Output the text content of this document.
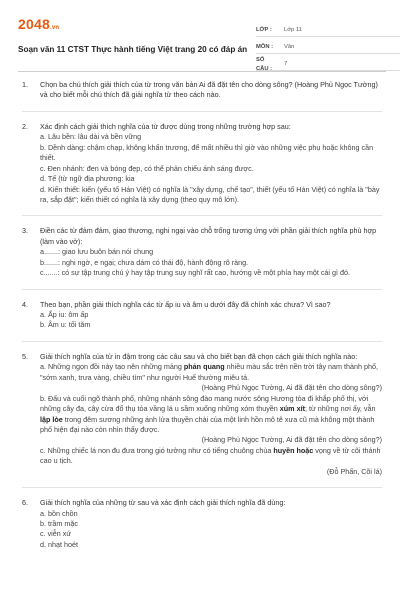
2048.vn
Soạn văn 11 CTST Thực hành tiếng Việt trang 20 có đáp án
LỚP :	Lớp 11
MÔN :	Văn
SỐ CÂU :
7
1.	Chọn ba chú thích giải thích của từ trong văn bản Ai đã đặt tên cho dòng sông? (Hoàng Phủ Ngọc Tường) và cho biết mỗi chú thích đã giải nghĩa từ theo cách nào.
2.	Xác định cách giải thích nghĩa của từ được dùng trong những trường hợp sau:
a. Lâu bền: lâu dài và bền vững
b. Dềnh dàng: chậm chạp, không khẩn trương, để mất nhiều thì giờ vào những việc phụ hoặc không cần thiết.
c. Đen nhánh: đen và bóng đẹp, có thể phản chiếu ánh sáng được.
d. Tế (từ ngữ địa phương: kia
d. Kiến thiết: kiến (yếu tố Hán Việt) có nghĩa là "xây dựng, chế tạo", thiết (yếu tố Hán Việt) có nghĩa là "bày ra, sắp đặt"; kiến thiết có nghĩa là xây dựng (theo quy mô lớn).
3.	Điền các từ đảm đảm, giao thương, nghi ngại vào chỗ trống tương ứng với phần giải thích nghĩa phù hợp (làm vào vở):
a.......: giao lưu buôn bán nói chung
b.......: nghi ngờ, e ngại; chưa dám có thái độ, hành động rõ ràng.
c.......: có sự tập trung chú ý hay tập trung suy nghĩ rất cao, hướng về một phía hay một cái gì đó.
4.	Theo bạn, phần giải thích nghĩa các từ ấp iu và âm u dưới đây đã chính xác chưa? Vì sao?
a. Ấp iu: ôm ấp
b. Âm u: tối tăm
5.	Giải thích nghĩa của từ in đậm trong các câu sau và cho biết bạn đã chọn cách giải thích nghĩa nào:
a. Những ngọn đồi này tạo nên những mảng phản quang nhiều màu sắc trên nền trời tây nam thành phố, "sớm xanh, trưa vàng, chiều tím" như người Huế thường miêu tả.
(Hoàng Phủ Ngọc Tường, Ai đã đặt tên cho dòng sông?)
b. Đấu và cuối ngõ thành phố, những nhánh sông đào mang nước sông Hương tỏa đi khắp phố thị, với những cây đa, cây cừa đổ thụ tỏa vầng lá u sầm xuống những xóm thuyền xúm xít; từ những nơi ấy, vẫn lập lòe trong đêm sương những ánh lửa thuyền chài của một linh hồn mô tê xưa cũ mà không một thành phố hiện đại nào còn nhìn thấy được.
(Hoàng Phủ Ngọc Tường, Ai đã đặt tên cho dòng sông?)
c. Những chiếc lá non đu đưa trong gió tưởng như có tiếng chuông chùa huyền hoặc vọng về từ cõi thánh cao u tịch.
(Đỗ Phấn, Cõi lá)
6.	Giải thích nghĩa của những từ sau và xác định cách giải thích nghĩa đã dùng:
a. bồn chồn
b. trầm mặc
c. viễn xứ
d. nhạt hoét
